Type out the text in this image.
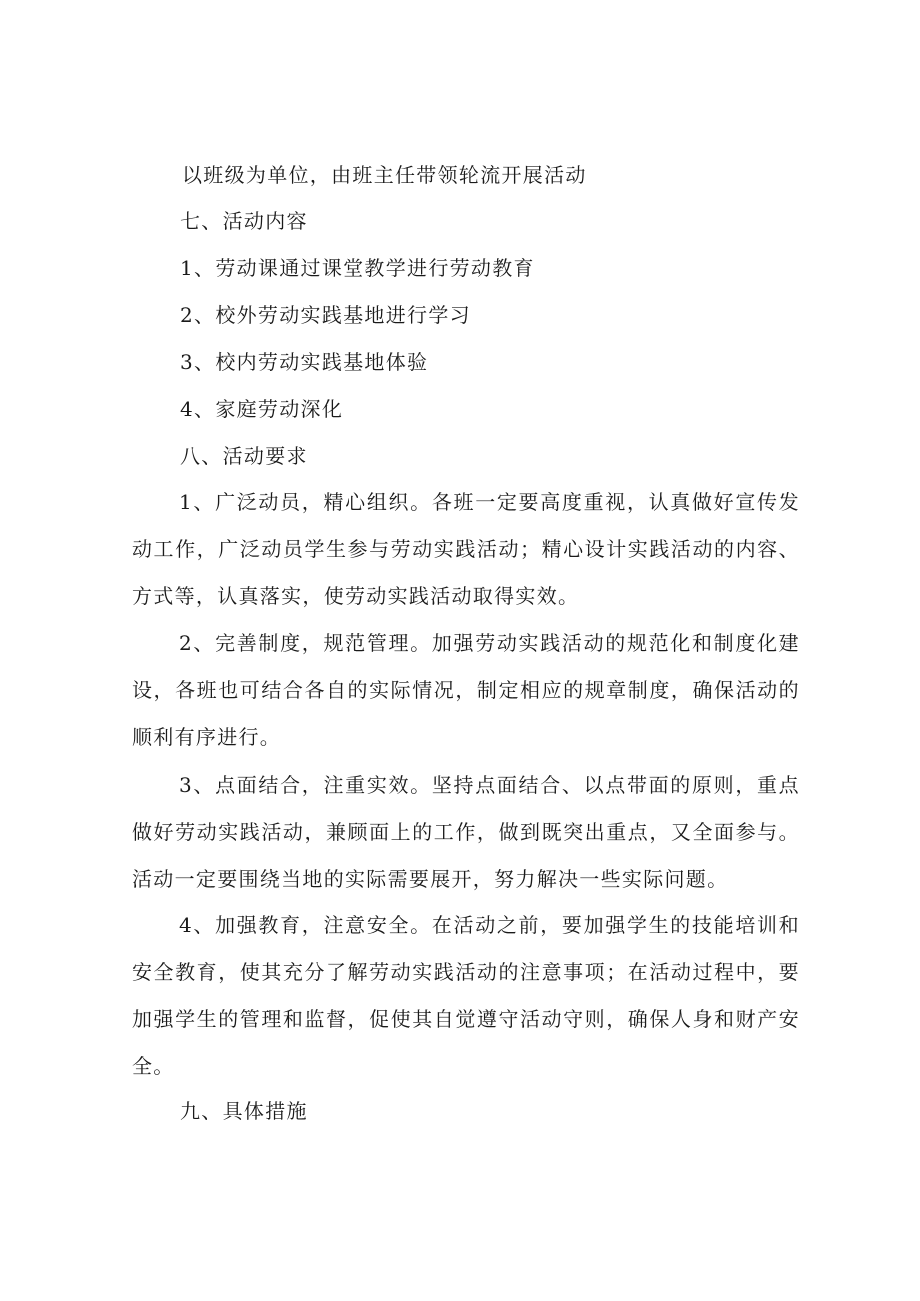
以班级为单位，由班主任带领轮流开展活动
七、活动内容
1、劳动课通过课堂教学进行劳动教育
2、校外劳动实践基地进行学习
3、校内劳动实践基地体验
4、家庭劳动深化
八、活动要求
1、广泛动员，精心组织。各班一定要高度重视，认真做好宣传发动工作，广泛动员学生参与劳动实践活动；精心设计实践活动的内容、方式等，认真落实，使劳动实践活动取得实效。
2、完善制度，规范管理。加强劳动实践活动的规范化和制度化建设，各班也可结合各自的实际情况，制定相应的规章制度，确保活动的顺利有序进行。
3、点面结合，注重实效。坚持点面结合、以点带面的原则，重点做好劳动实践活动，兼顾面上的工作，做到既突出重点，又全面参与。活动一定要围绕当地的实际需要展开，努力解决一些实际问题。
4、加强教育，注意安全。在活动之前，要加强学生的技能培训和安全教育，使其充分了解劳动实践活动的注意事项；在活动过程中，要加强学生的管理和监督，促使其自觉遵守活动守则，确保人身和财产安全。
九、具体措施
